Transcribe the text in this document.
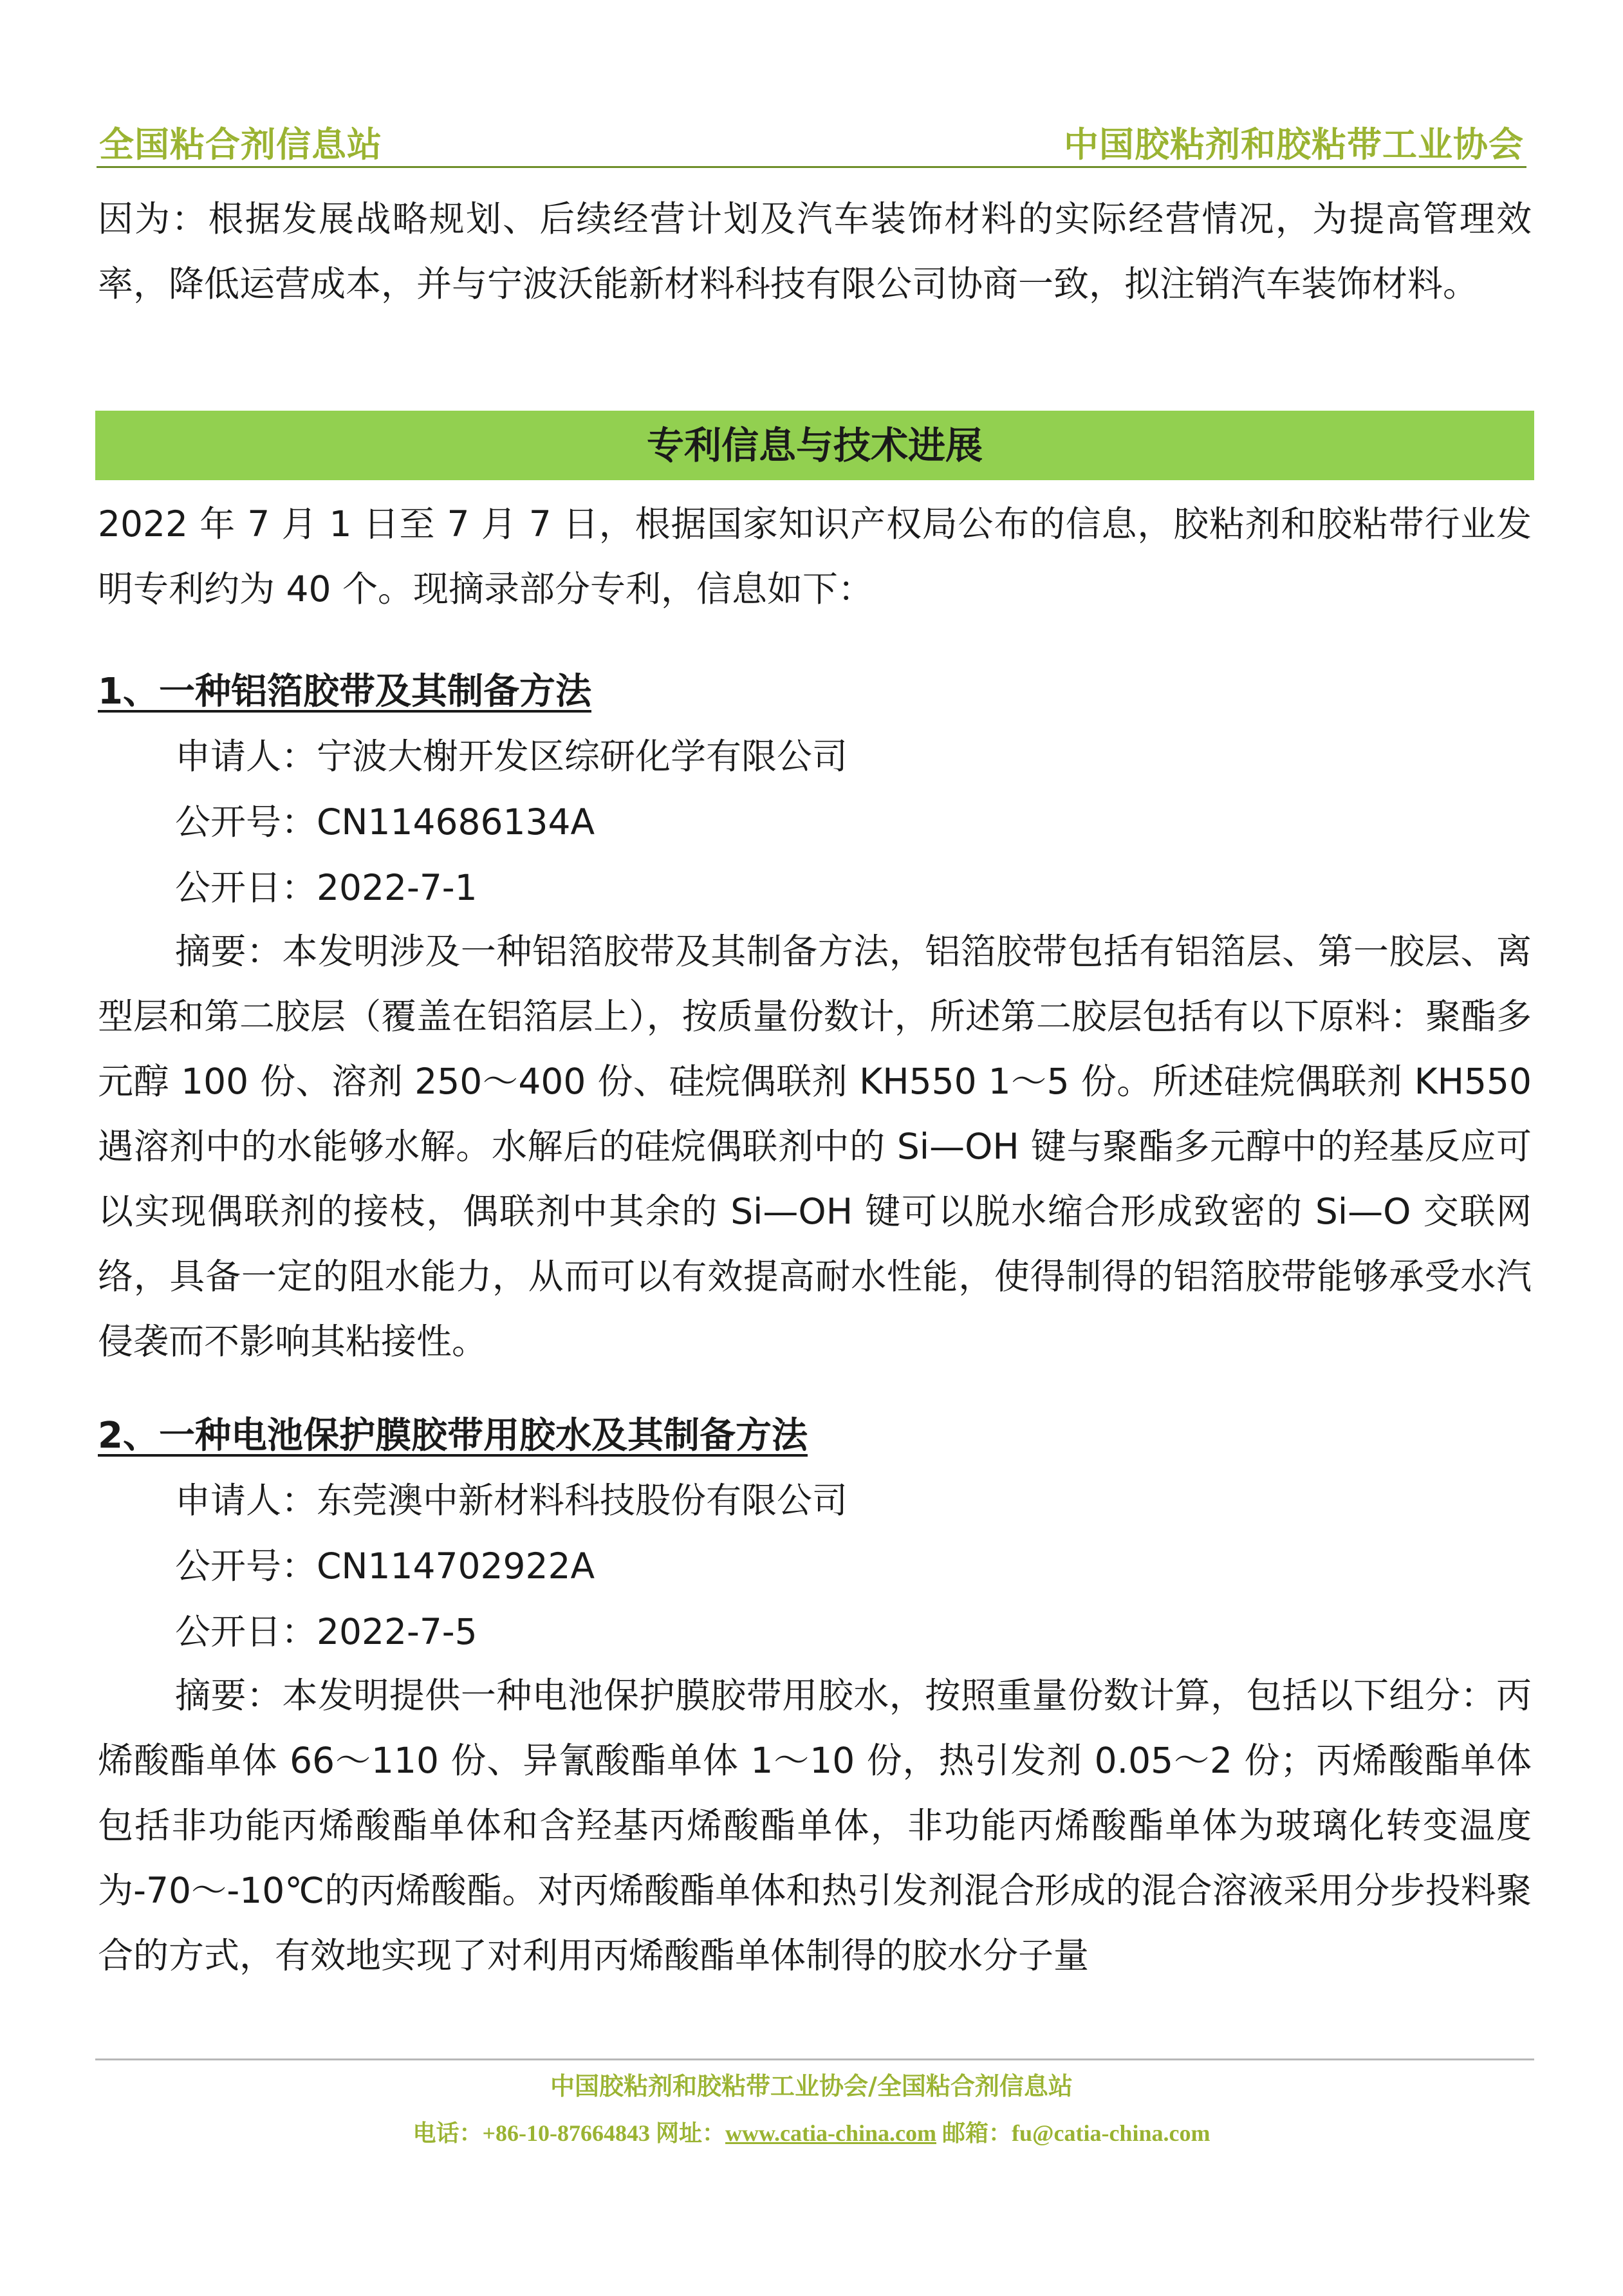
全国粘合剂信息站	中国胶粘剂和胶粘带工业协会
因为：根据发展战略规划、后续经营计划及汽车装饰材料的实际经营情况，为提高管理效率，降低运营成本，并与宁波沃能新材料科技有限公司协商一致，拟注销汽车装饰材料。
专利信息与技术进展
2022 年 7 月 1 日至 7 月 7 日，根据国家知识产权局公布的信息，胶粘剂和胶粘带行业发明专利约为 40 个。现摘录部分专利，信息如下：
1、一种铝箔胶带及其制备方法
申请人：宁波大榭开发区综研化学有限公司
公开号：CN114686134A
公开日：2022-7-1
摘要：本发明涉及一种铝箔胶带及其制备方法，铝箔胶带包括有铝箔层、第一胶层、离型层和第二胶层（覆盖在铝箔层上），按质量份数计，所述第二胶层包括有以下原料：聚酯多元醇 100 份、溶剂 250～400 份、硅烷偶联剂 KH550 1～5 份。所述硅烷偶联剂 KH550 遇溶剂中的水能够水解。水解后的硅烷偶联剂中的 Si—OH 键与聚酯多元醇中的羟基反应可以实现偶联剂的接枝，偶联剂中其余的 Si—OH 键可以脱水缩合形成致密的 Si—O 交联网络，具备一定的阻水能力，从而可以有效提高耐水性能，使得制得的铝箔胶带能够承受水汽侵袭而不影响其粘接性。
2、一种电池保护膜胶带用胶水及其制备方法
申请人：东莞澳中新材料科技股份有限公司
公开号：CN114702922A
公开日：2022-7-5
摘要：本发明提供一种电池保护膜胶带用胶水，按照重量份数计算，包括以下组分：丙烯酸酯单体 66～110 份、异氰酸酯单体 1～10 份，热引发剂 0.05～2 份；丙烯酸酯单体包括非功能丙烯酸酯单体和含羟基丙烯酸酯单体，非功能丙烯酸酯单体为玻璃化转变温度为-70～-10℃的丙烯酸酯。对丙烯酸酯单体和热引发剂混合形成的混合溶液采用分步投料聚合的方式，有效地实现了对利用丙烯酸酯单体制得的胶水分子量
中国胶粘剂和胶粘带工业协会/全国粘合剂信息站
电话：+86-10-87664843 网址：www.catia-china.com 邮箱：fu@catia-china.com
